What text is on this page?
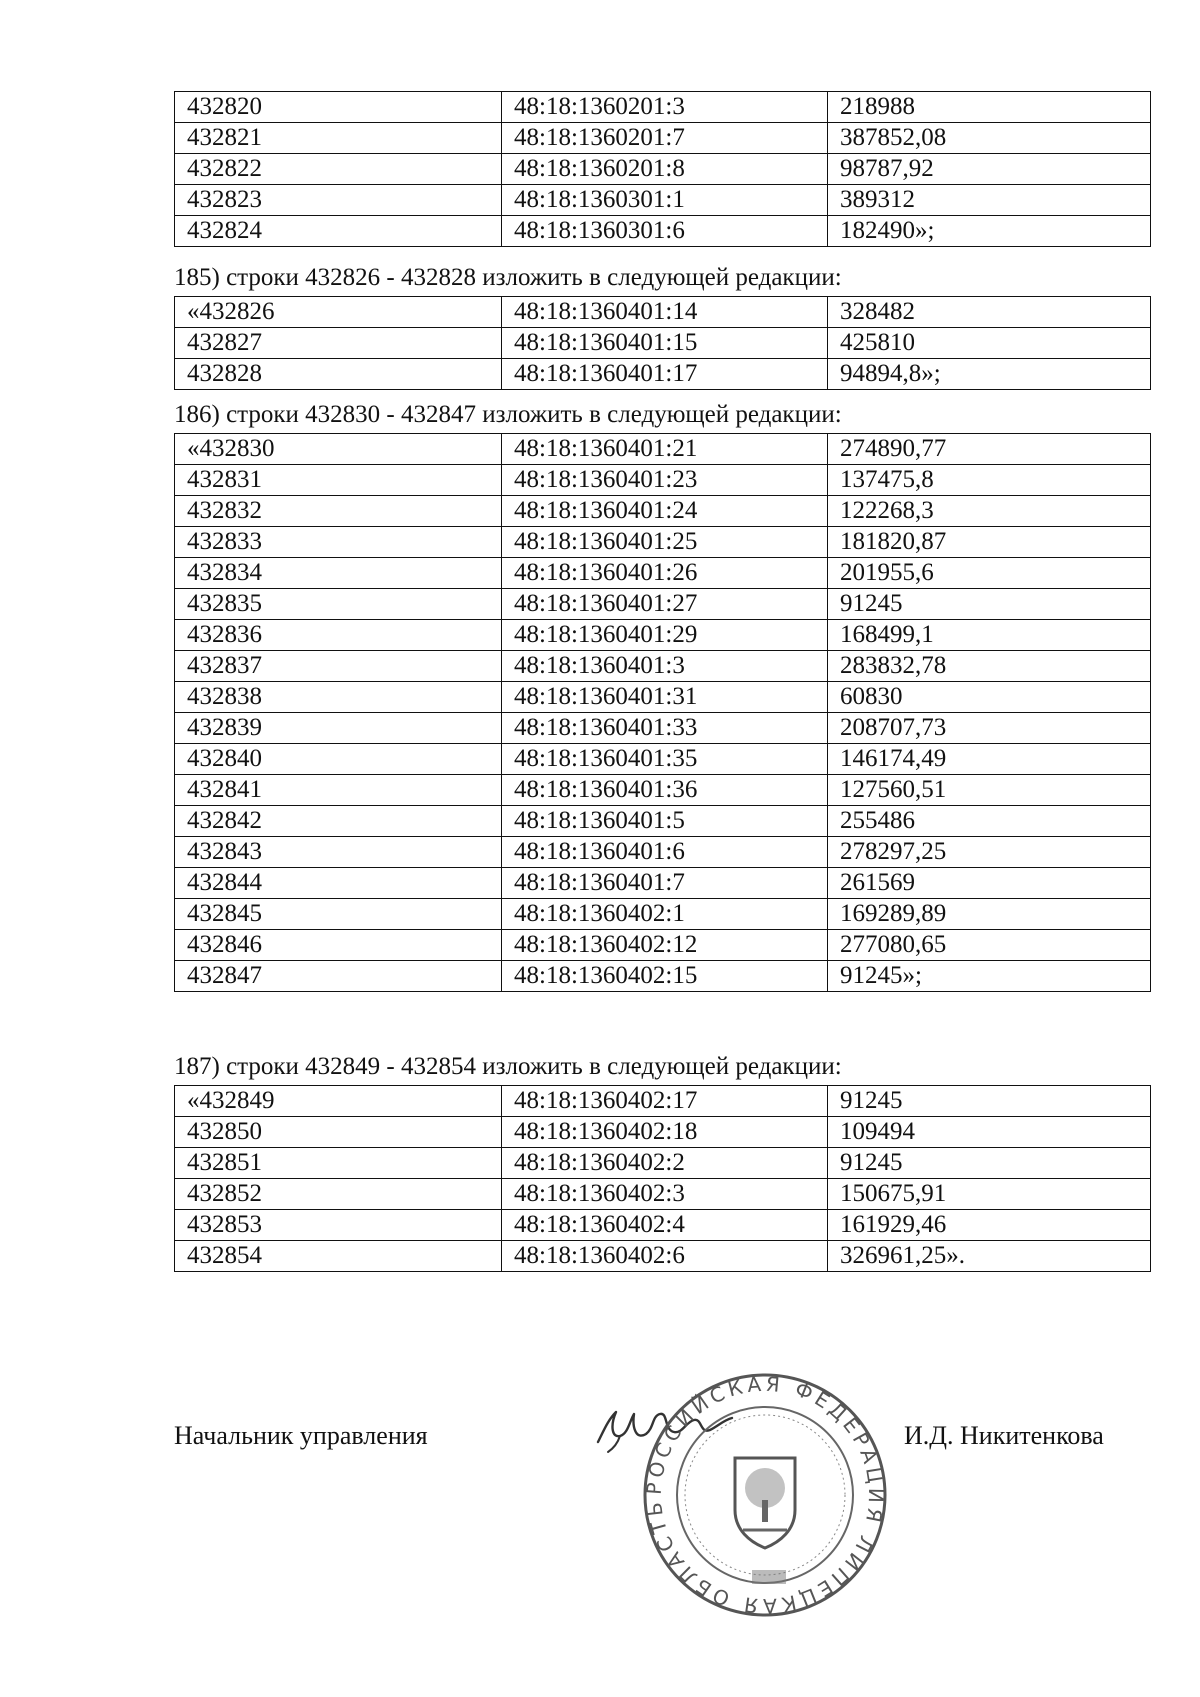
432820	48:18:1360201:3	218988
432821	48:18:1360201:7	387852,08
432822	48:18:1360201:8	98787,92
432823	48:18:1360301:1	389312
432824	48:18:1360301:6	182490»;
185) строки 432826 - 432828 изложить в следующей редакции:
«432826	48:18:1360401:14	328482
432827	48:18:1360401:15	425810
432828	48:18:1360401:17	94894,8»;
186) строки 432830 - 432847 изложить в следующей редакции:
«432830	48:18:1360401:21	274890,77
432831	48:18:1360401:23	137475,8
432832	48:18:1360401:24	122268,3
432833	48:18:1360401:25	181820,87
432834	48:18:1360401:26	201955,6
432835	48:18:1360401:27	91245
432836	48:18:1360401:29	168499,1
432837	48:18:1360401:3	283832,78
432838	48:18:1360401:31	60830
432839	48:18:1360401:33	208707,73
432840	48:18:1360401:35	146174,49
432841	48:18:1360401:36	127560,51
432842	48:18:1360401:5	255486
432843	48:18:1360401:6	278297,25
432844	48:18:1360401:7	261569
432845	48:18:1360402:1	169289,89
432846	48:18:1360402:12	277080,65
432847	48:18:1360402:15	91245»;
187) строки 432849 - 432854 изложить в следующей редакции:
«432849	48:18:1360402:17	91245
432850	48:18:1360402:18	109494
432851	48:18:1360402:2	91245
432852	48:18:1360402:3	150675,91
432853	48:18:1360402:4	161929,46
432854	48:18:1360402:6	326961,25».
Начальник управления
РОССИЙСКАЯ ФЕДЕРАЦИЯ ЛИПЕЦКАЯ ОБЛАСТЬ
И.Д. Никитенкова
